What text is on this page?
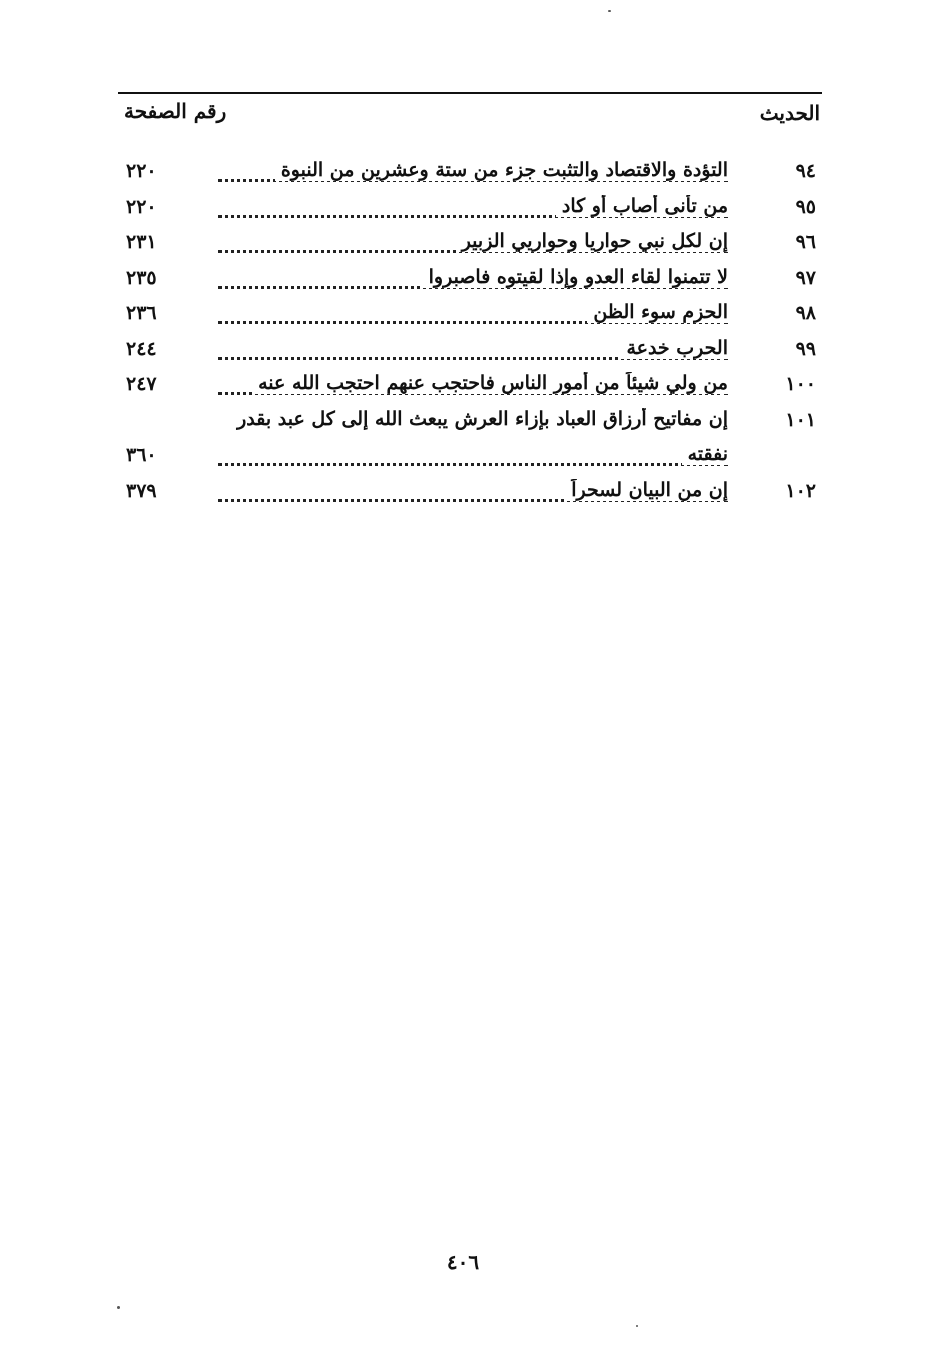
الحديث
رقم الصفحة
٩٤
التؤدة والاقتصاد والتثبت جزء من ستة وعشرين من النبوة
٢٢٠
٩٥
من تأنى أصاب أو كاد
٢٢٠
٩٦
إن لكل نبي حواريا وحواريي الزبير
٢٣١
٩٧
لا تتمنوا لقاء العدو وإذا لقيتوه فاصبروا
٢٣٥
٩٨
الحزم سوء الظن
٢٣٦
٩٩
الحرب خدعة
٢٤٤
١٠٠
من ولي شيئاً من أمور الناس فاحتجب عنهم احتجب الله عنه
٢٤٧
١٠١
إن مفاتيح أرزاق العباد بإزاء العرش يبعث الله إلى كل عبد بقدر
نفقته
٣٦٠
١٠٢
إن من البيان لسحراً
٣٧٩
٤٠٦
